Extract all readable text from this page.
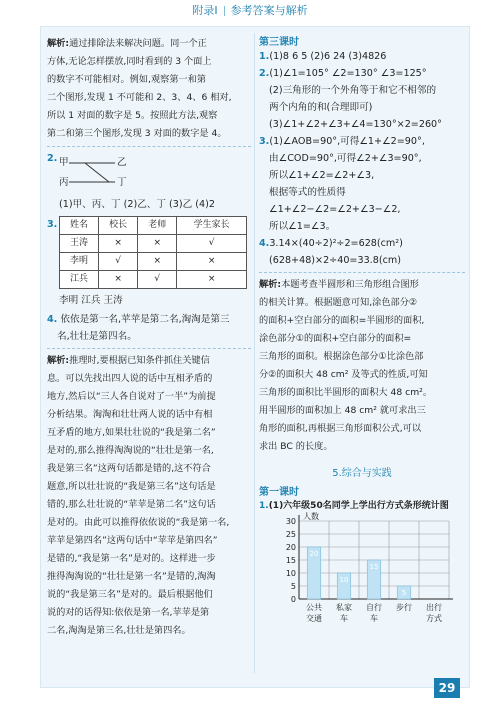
附录Ⅰ 参考答案与解析
解析:通过排除法来解决问题。同一个正
方体,无论怎样摆放,同时看到的 3 个面上
的数字不可能相对。例如,观察第一和第
二个图形,发现 1 不可能和 2、3、4、6 相对,
所以 1 对面的数字是 5。按照此方法,观察
第二和第三个图形,发现 3 对面的数字是 4。
2. 甲	乙
丙	丁
(1)甲、丙、丁 (2)乙、丁 (3)乙 (4)2
3. 姓名	校长	老师	学生家长
王涛	×	×	√
李明	√	×	×
江兵	×	√	×
李明 江兵 王涛
4. 依依是第一名,苹苹是第二名,淘淘是第三
名,壮壮是第四名。
解析:推理时,要根据已知条件抓住关键信
息。可以先找出四人说的话中互相矛盾的
地方,然后以“三人各自说对了一半”为前提
分析结果。淘淘和壮壮两人说的话中有相
互矛盾的地方,如果壮壮说的“我是第二名”
是对的,那么推得淘淘说的“壮壮是第一名,
我是第三名”这两句话都是错的,这不符合
题意,所以壮壮说的“我是第三名”这句话是
错的,那么壮壮说的“苹苹是第二名”这句话
是对的。由此可以推得依依说的“我是第一名,
苹苹是第四名”这两句话中“苹苹是第四名”
是错的,“我是第一名”是对的。这样进一步
推得淘淘说的“壮壮是第一名”是错的,淘淘
说的“我是第三名”是对的。最后根据他们
说的对的话得知:依依是第一名,苹苹是第
二名,淘淘是第三名,壮壮是第四名。
第三课时
1.(1)8 6 5 (2)6 24 (3)4826
2.(1)∠1=105° ∠2=130° ∠3=125°
(2)三角形的一个外角等于和它不相邻的
两个内角的和(合理即可)
(3)∠1+∠2+∠3+∠4=130°×2=260°
3.(1)∠AOB=90°,可得∠1+∠2=90°,
由∠COD=90°,可得∠2+∠3=90°,
所以∠1+∠2=∠2+∠3,
根据等式的性质得
∠1+∠2−∠2=∠2+∠3−∠2,
所以∠1=∠3。
4.3.14×(40÷2)²÷2=628(cm²)
(628+48)×2÷40=33.8(cm)
解析:本题考查半圆形和三角形组合图形
的相关计算。根据题意可知,涂色部分②
的面积+空白部分的面积=半圆形的面积,
涂色部分①的面积+空白部分的面积=
三角形的面积。根据涂色部分①比涂色部
分②的面积大 48 cm² 及等式的性质,可知
三角形的面积比半圆形的面积大 48 cm²。
用半圆形的面积加上 48 cm² 就可求出三
角形的面积,再根据三角形面积公式,可以
求出 BC 的长度。
5.综合与实践
第一课时
1.(1)六年级50名同学上学出行方式条形统计图
0
5
10
15
20
25
30
人数
20
10
15
5
公共
交通
私家
车
自行
车
步行 出行
方式
29
